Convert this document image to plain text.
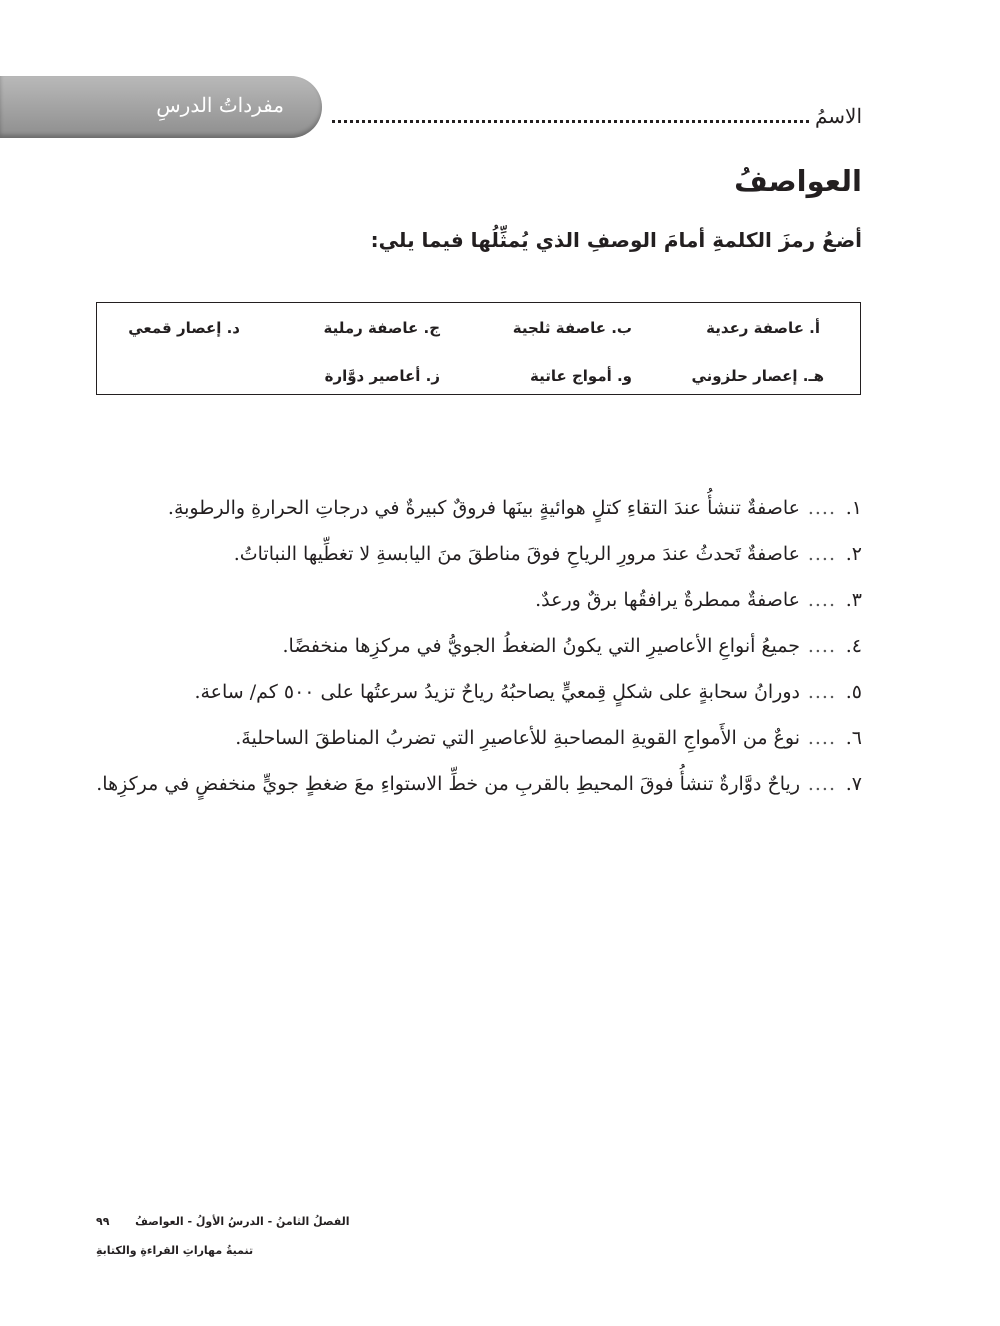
مفرداتُ الدرسِ	الاسمُ
العواصفُ

أضعُ رمزَ الكلمةِ أمامَ الوصفِ الذي يُمثِّلُها فيما يلي:

أ. عاصفة رعدية
ب. عاصفة ثلجية
ج. عاصفة رملية
د. إعصار قمعي
هـ. إعصار حلزوني
و. أمواج عاتية
ز. أعاصير دوَّارة
١.
....
عاصفةٌ تنشأُ عندَ التقاءِ كتلٍ هوائيةٍ بينَها فروقٌ كبيرةٌ في درجاتِ الحرارةِ والرطوبةِ.
٢.
....
عاصفةٌ تَحدثُ عندَ مرورِ الرياحِ فوقَ مناطقَ منَ اليابسةِ لا تغطِّيها النباتاتُ.
٣.
....
عاصفةٌ ممطرةٌ يرافقُها برقٌ ورعدٌ.
٤.
....
جميعُ أنواعِ الأعاصيرِ التي يكونُ الضغطُ الجويُّ في مركزِها منخفضًا.
٥.
....
دورانُ سحابةٍ على شكلٍ قِمعيٍّ يصاحبُهُ رياحٌ تزيدُ سرعتُها على ٥٠٠ كم/ ساعة.
٦.
....
نوعٌ من الأَمواجِ القويةِ المصاحبةِ للأعاصيرِ التي تضربُ المناطقَ الساحليةَ.
٧.
....
رياحٌ دوَّارةٌ تنشأُ فوقَ المحيطِ بالقربِ من خطِّ الاستواءِ معَ ضغطٍ جويٍّ منخفضٍ في مركزِها.
الفصلُ الثامنُ - الدرسُ الأولُ - العواصفُ  ٩٩
تنميةُ مهاراتِ القراءةِ والكتابةِ
